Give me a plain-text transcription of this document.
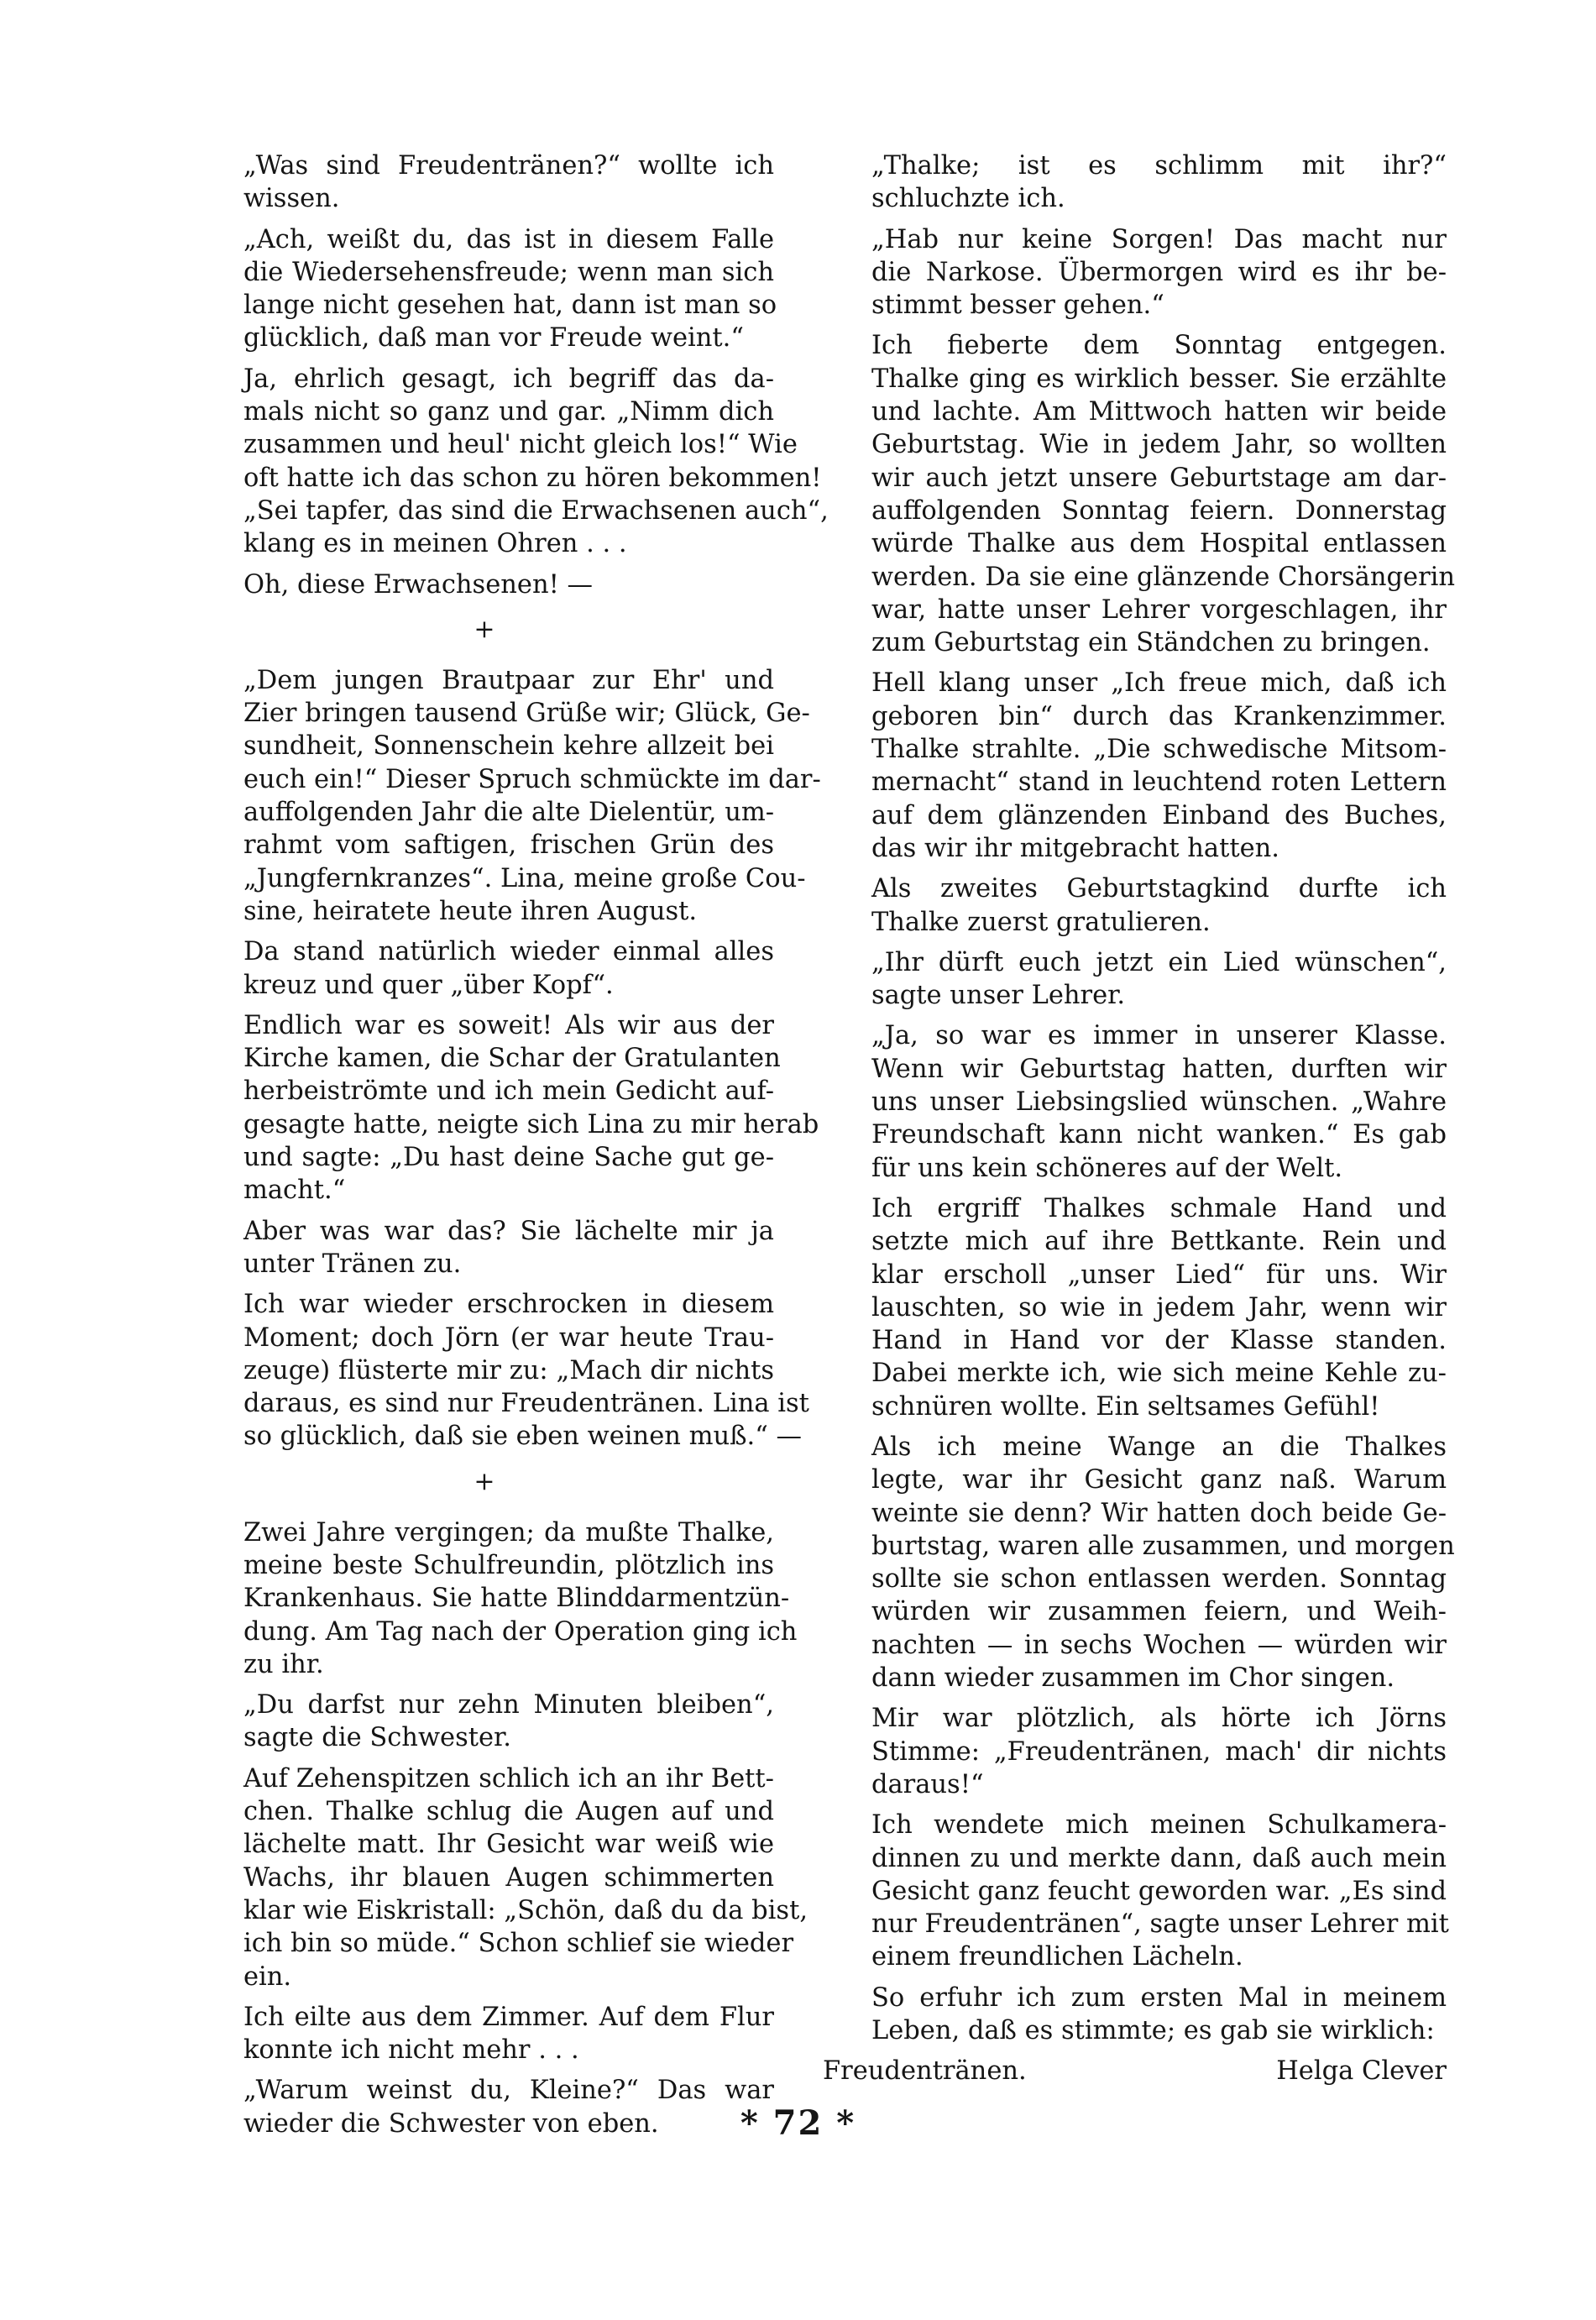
„Was sind Freudentränen?“ wollte ich
wissen.
„Ach, weißt du, das ist in diesem Falle
die Wiedersehensfreude; wenn man sich
lange nicht gesehen hat, dann ist man so
glücklich, daß man vor Freude weint.“
Ja, ehrlich gesagt, ich begriff das da-
mals nicht so ganz und gar. „Nimm dich
zusammen und heul' nicht gleich los!“ Wie
oft hatte ich das schon zu hören bekommen!
„Sei tapfer, das sind die Erwachsenen auch“,
klang es in meinen Ohren . . .
Oh, diese Erwachsenen! —
+
„Dem jungen Brautpaar zur Ehr' und
Zier bringen tausend Grüße wir; Glück, Ge-
sundheit, Sonnenschein kehre allzeit bei
euch ein!“ Dieser Spruch schmückte im dar-
auffolgenden Jahr die alte Dielentür, um-
rahmt vom saftigen, frischen Grün des
„Jungfernkranzes“. Lina, meine große Cou-
sine, heiratete heute ihren August.
Da stand natürlich wieder einmal alles
kreuz und quer „über Kopf“.
Endlich war es soweit! Als wir aus der
Kirche kamen, die Schar der Gratulanten
herbeiströmte und ich mein Gedicht auf-
gesagte hatte, neigte sich Lina zu mir herab
und sagte: „Du hast deine Sache gut ge-
macht.“
Aber was war das? Sie lächelte mir ja
unter Tränen zu.
Ich war wieder erschrocken in diesem
Moment; doch Jörn (er war heute Trau-
zeuge) flüsterte mir zu: „Mach dir nichts
daraus, es sind nur Freudentränen. Lina ist
so glücklich, daß sie eben weinen muß.“ —
+
Zwei Jahre vergingen; da mußte Thalke,
meine beste Schulfreundin, plötzlich ins
Krankenhaus. Sie hatte Blinddarmentzün-
dung. Am Tag nach der Operation ging ich
zu ihr.
„Du darfst nur zehn Minuten bleiben“,
sagte die Schwester.
Auf Zehenspitzen schlich ich an ihr Bett-
chen. Thalke schlug die Augen auf und
lächelte matt. Ihr Gesicht war weiß wie
Wachs, ihr blauen Augen schimmerten
klar wie Eiskristall: „Schön, daß du da bist,
ich bin so müde.“ Schon schlief sie wieder
ein.
Ich eilte aus dem Zimmer. Auf dem Flur
konnte ich nicht mehr . . .
„Warum weinst du, Kleine?“ Das war
wieder die Schwester von eben.
„Thalke; ist es schlimm mit ihr?“
schluchzte ich.
„Hab nur keine Sorgen! Das macht nur
die Narkose. Übermorgen wird es ihr be-
stimmt besser gehen.“
Ich fieberte dem Sonntag entgegen.
Thalke ging es wirklich besser. Sie erzählte
und lachte. Am Mittwoch hatten wir beide
Geburtstag. Wie in jedem Jahr, so wollten
wir auch jetzt unsere Geburtstage am dar-
auffolgenden Sonntag feiern. Donnerstag
würde Thalke aus dem Hospital entlassen
werden. Da sie eine glänzende Chorsängerin
war, hatte unser Lehrer vorgeschlagen, ihr
zum Geburtstag ein Ständchen zu bringen.
Hell klang unser „Ich freue mich, daß ich
geboren bin“ durch das Krankenzimmer.
Thalke strahlte. „Die schwedische Mitsom-
mernacht“ stand in leuchtend roten Lettern
auf dem glänzenden Einband des Buches,
das wir ihr mitgebracht hatten.
Als zweites Geburtstagkind durfte ich
Thalke zuerst gratulieren.
„Ihr dürft euch jetzt ein Lied wünschen“,
sagte unser Lehrer.
„Ja, so war es immer in unserer Klasse.
Wenn wir Geburtstag hatten, durften wir
uns unser Liebsingslied wünschen. „Wahre
Freundschaft kann nicht wanken.“ Es gab
für uns kein schöneres auf der Welt.
Ich ergriff Thalkes schmale Hand und
setzte mich auf ihre Bettkante. Rein und
klar erscholl „unser Lied“ für uns. Wir
lauschten, so wie in jedem Jahr, wenn wir
Hand in Hand vor der Klasse standen.
Dabei merkte ich, wie sich meine Kehle zu-
schnüren wollte. Ein seltsames Gefühl!
Als ich meine Wange an die Thalkes
legte, war ihr Gesicht ganz naß. Warum
weinte sie denn? Wir hatten doch beide Ge-
burtstag, waren alle zusammen, und morgen
sollte sie schon entlassen werden. Sonntag
würden wir zusammen feiern, und Weih-
nachten — in sechs Wochen — würden wir
dann wieder zusammen im Chor singen.
Mir war plötzlich, als hörte ich Jörns
Stimme: „Freudentränen, mach' dir nichts
daraus!“
Ich wendete mich meinen Schulkamera-
dinnen zu und merkte dann, daß auch mein
Gesicht ganz feucht geworden war. „Es sind
nur Freudentränen“, sagte unser Lehrer mit
einem freundlichen Lächeln.
So erfuhr ich zum ersten Mal in meinem
Leben, daß es stimmte; es gab sie wirklich:
Freudentränen.	Helga Clever
* 72 *
